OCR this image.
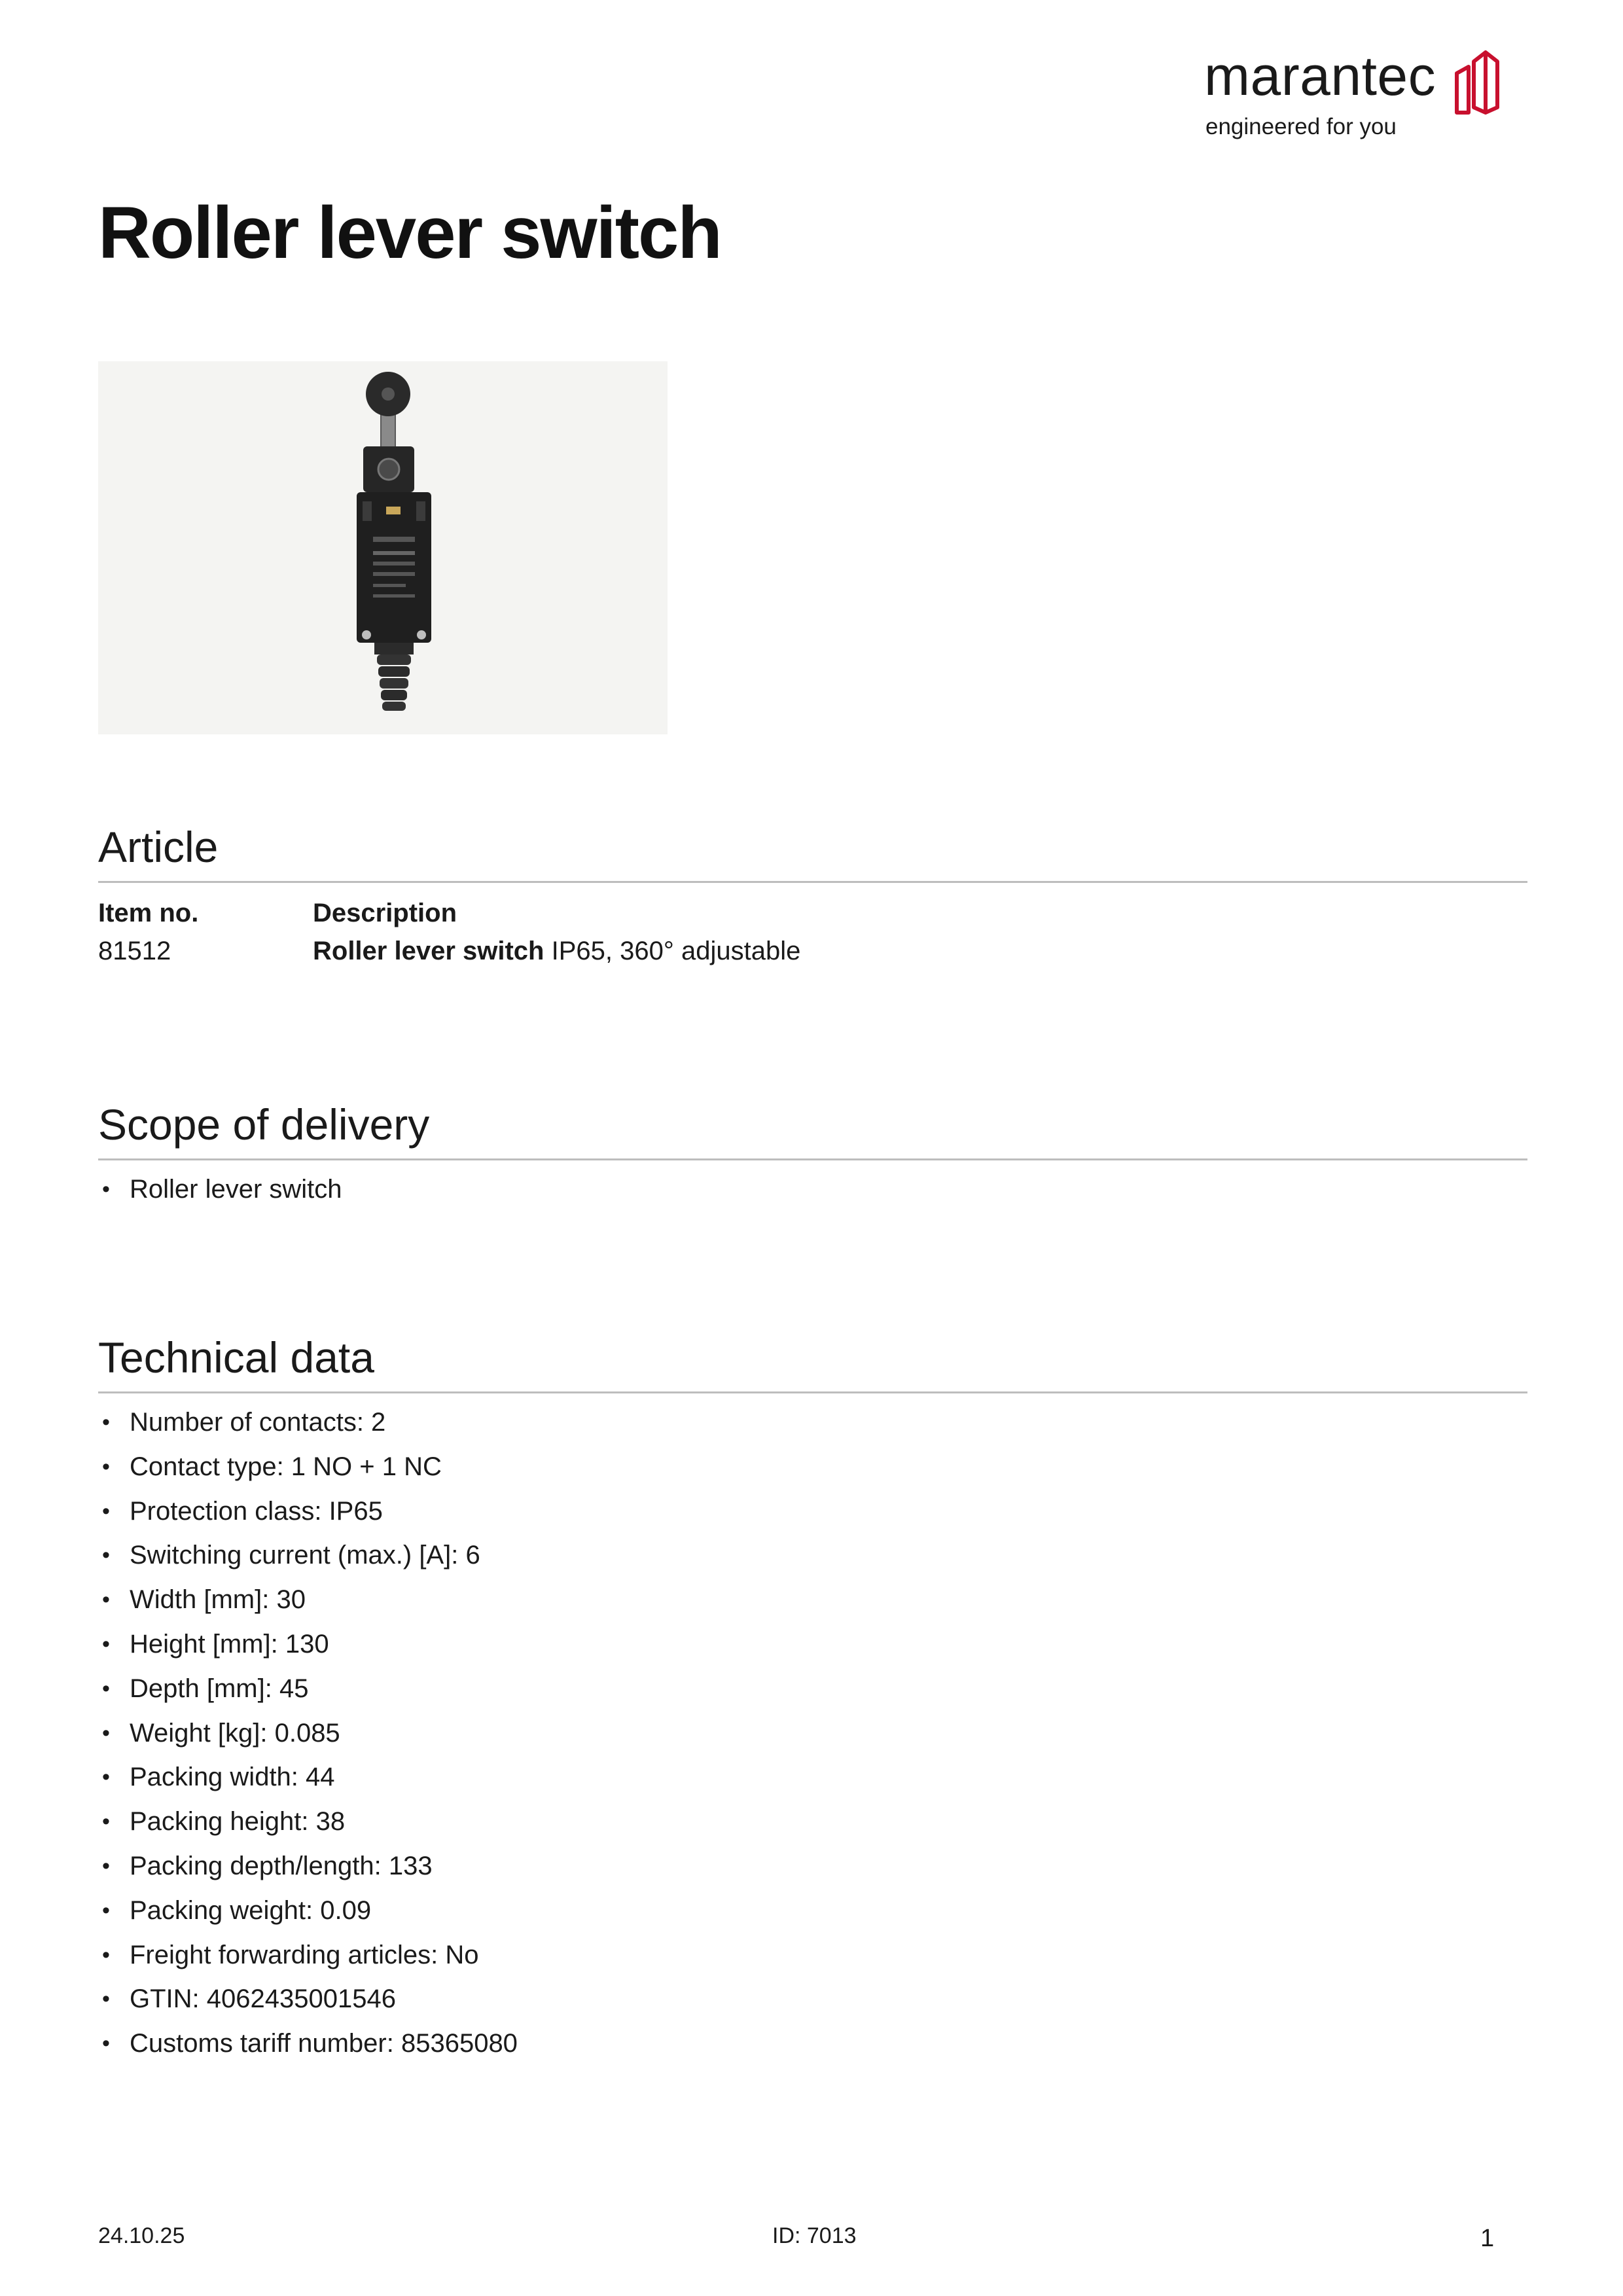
marantec
engineered for you
Roller lever switch
Article
Item no.	Description
81512	Roller lever switch IP65, 360° adjustable
Scope of delivery
• Roller lever switch
Technical data
• Number of contacts: 2
• Contact type: 1 NO + 1 NC
• Protection class: IP65
• Switching current (max.) [A]: 6
• Width [mm]: 30
• Height [mm]: 130
• Depth [mm]: 45
• Weight [kg]: 0.085
• Packing width: 44
• Packing height: 38
• Packing depth/length: 133
• Packing weight: 0.09
• Freight forwarding articles: No
• GTIN: 4062435001546
• Customs tariff number: 85365080
24.10.25	ID: 7013	1
